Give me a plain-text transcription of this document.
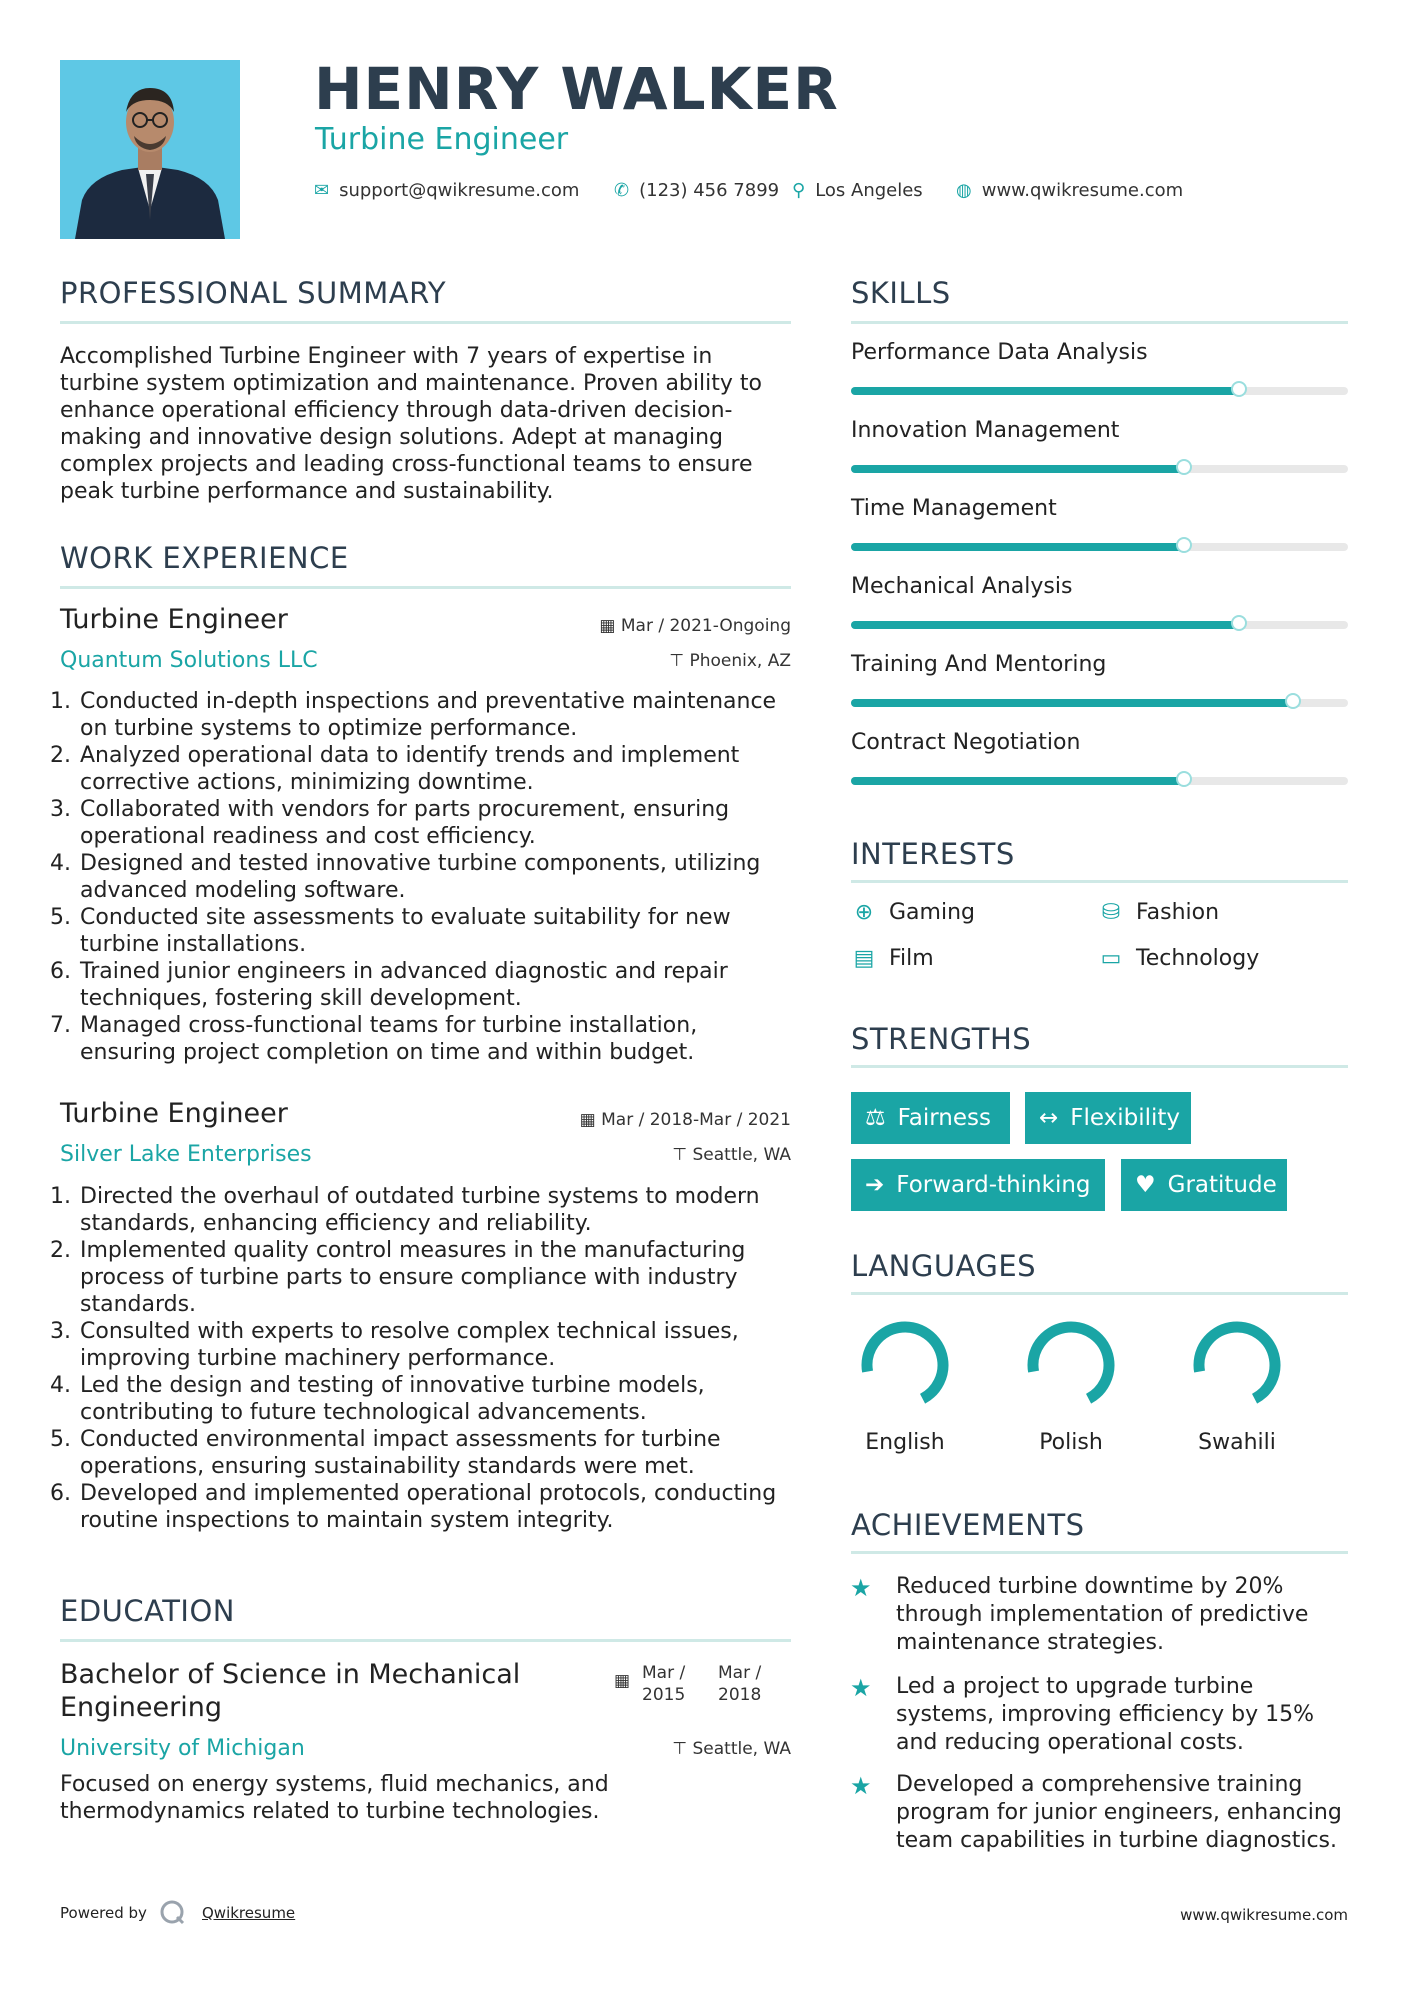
HENRY WALKER
Turbine Engineer
✉ support@qwikresume.com ✆ (123) 456 7899 ⚲ Los Angeles ◍ www.qwikresume.com
PROFESSIONAL SUMMARY
Accomplished Turbine Engineer with 7 years of expertise in turbine system optimization and maintenance. Proven ability to enhance operational efficiency through data-driven decision-making and innovative design solutions. Adept at managing complex projects and leading cross-functional teams to ensure peak turbine performance and sustainability.
WORK EXPERIENCE
Turbine Engineer	▦ Mar / 2021-Ongoing
Quantum Solutions LLC	⊤ Phoenix, AZ
1. Conducted in-depth inspections and preventative maintenance on turbine systems to optimize performance.
2. Analyzed operational data to identify trends and implement corrective actions, minimizing downtime.
3. Collaborated with vendors for parts procurement, ensuring operational readiness and cost efficiency.
4. Designed and tested innovative turbine components, utilizing advanced modeling software.
5. Conducted site assessments to evaluate suitability for new turbine installations.
6. Trained junior engineers in advanced diagnostic and repair techniques, fostering skill development.
7. Managed cross-functional teams for turbine installation, ensuring project completion on time and within budget.
Turbine Engineer	▦ Mar / 2018-Mar / 2021
Silver Lake Enterprises	⊤ Seattle, WA
1. Directed the overhaul of outdated turbine systems to modern standards, enhancing efficiency and reliability.
2. Implemented quality control measures in the manufacturing process of turbine parts to ensure compliance with industry standards.
3. Consulted with experts to resolve complex technical issues, improving turbine machinery performance.
4. Led the design and testing of innovative turbine models, contributing to future technological advancements.
5. Conducted environmental impact assessments for turbine operations, ensuring sustainability standards were met.
6. Developed and implemented operational protocols, conducting routine inspections to maintain system integrity.
EDUCATION
Bachelor of Science in Mechanical Engineering
▦ Mar / 2015
Mar / 2018
University of Michigan	⊤ Seattle, WA
Focused on energy systems, fluid mechanics, and thermodynamics related to turbine technologies.
SKILLS
Performance Data Analysis
Innovation Management
Time Management
Mechanical Analysis
Training And Mentoring
Contract Negotiation
INTERESTS
⊕ Gaming	⛁ Fashion
▤ Film	▭ Technology
STRENGTHS
⚖ Fairness ↔ Flexibility
➔ Forward-thinking ♥ Gratitude
LANGUAGES
English	Polish	Swahili
ACHIEVEMENTS
★ Reduced turbine downtime by 20% through implementation of predictive maintenance strategies.
★ Led a project to upgrade turbine systems, improving efficiency by 15% and reducing operational costs.
★ Developed a comprehensive training program for junior engineers, enhancing team capabilities in turbine diagnostics.
Powered by	Qwikresume	www.qwikresume.com
